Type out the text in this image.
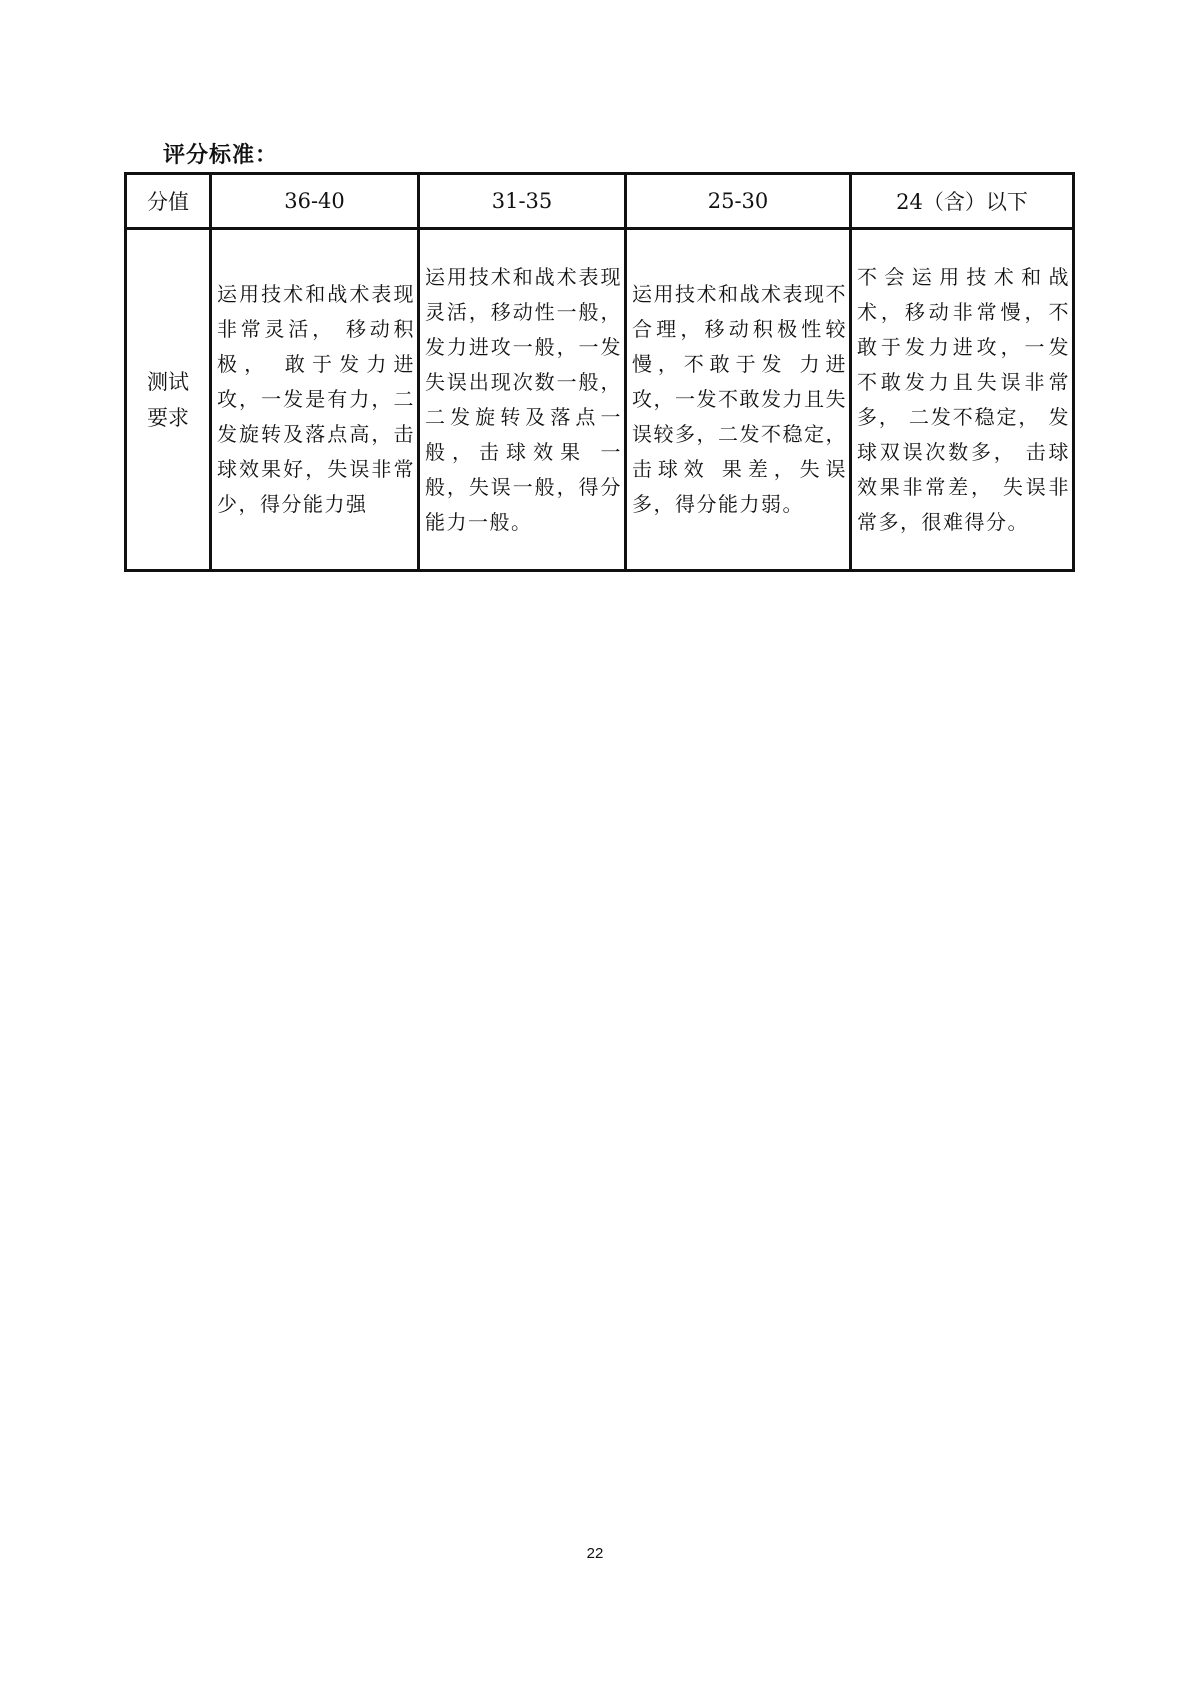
评分标准：
分值	36-40	31-35	25-30	24（含）以下

测试
要求	运用技术和战术表现非常灵活， 移动积极， 敢于发力进攻，一发是有力，二发旋转及落点高，击球效果好，失误非常 少，得分能力强	运用技术和战术表现灵活，移动性一般，发力进攻一般，一发失误出现次数一般，二发旋转及落点一般，击球效果 一般，失误一般，得分能力一般。	运用技术和战术表现不合理，移动积极性较慢，不敢于发 力进攻，一发不敢发力且失误较多，二发不稳定，击球效 果差，失误多，得分能力弱。	不会运用技术和战术，移动非常慢，不敢于发力进攻，一发不敢发力且失误非常多， 二发不稳定， 发球双误次数多， 击球效果非常差， 失误非常多，很难得分。

22
